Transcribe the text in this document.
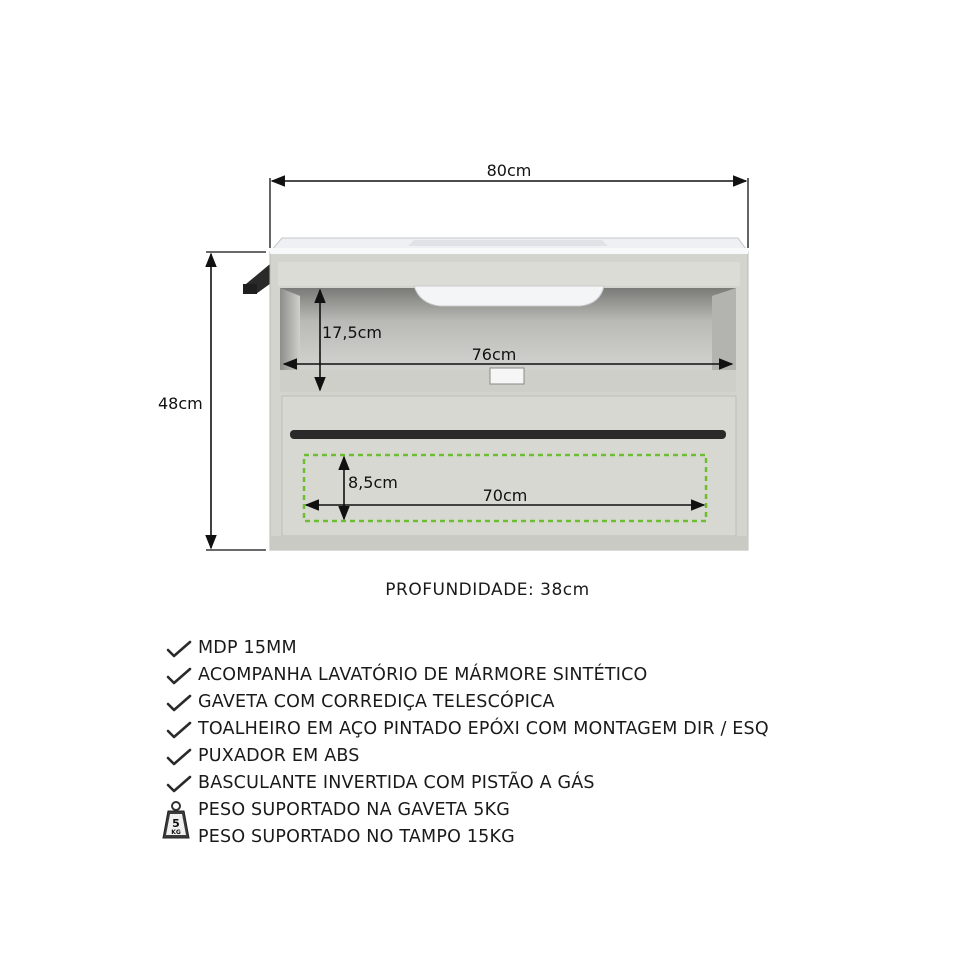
80cm
48cm
17,5cm
76cm
8,5cm
70cm
PROFUNDIDADE: 38cm
MDP 15MM
ACOMPANHA LAVATÓRIO DE MÁRMORE SINTÉTICO
GAVETA COM CORREDIÇA TELESCÓPICA
TOALHEIRO EM AÇO PINTADO EPÓXI COM MONTAGEM DIR / ESQ
PUXADOR EM ABS
BASCULANTE INVERTIDA COM PISTÃO A GÁS
5
KG
PESO SUPORTADO NA GAVETA 5KG
PESO SUPORTADO NO TAMPO 15KG
